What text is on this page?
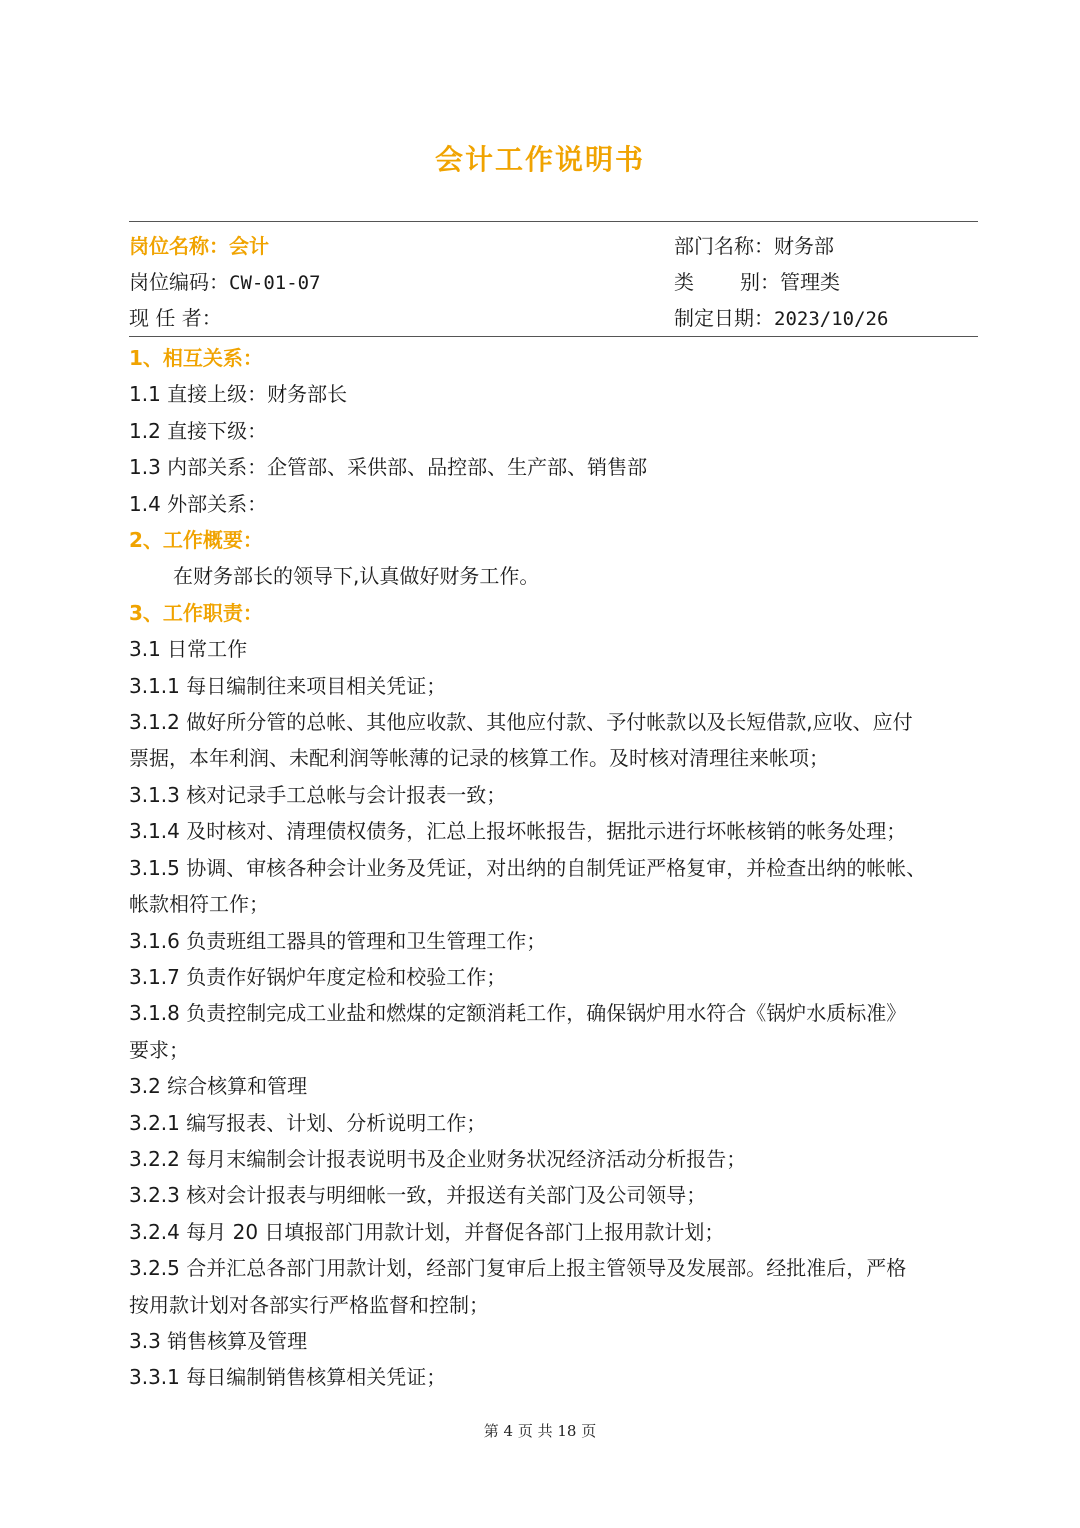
会计工作说明书
岗位名称：会计	部门名称：财务部
岗位编码：CW-01-07	类 别：管理类
现 任 者：	制定日期：2023/10/26

1、相互关系：

1.1 直接上级：财务部长

1.2 直接下级：

1.3 内部关系：企管部、采供部、品控部、生产部、销售部

1.4 外部关系：

2、工作概要：

在财务部长的领导下,认真做好财务工作。

3、工作职责：

3.1 日常工作

3.1.1 每日编制往来项目相关凭证；

3.1.2 做好所分管的总帐、其他应收款、其他应付款、予付帐款以及长短借款,应收、应付

票据，本年利润、未配利润等帐薄的记录的核算工作。及时核对清理往来帐项；

3.1.3 核对记录手工总帐与会计报表一致；

3.1.4 及时核对、清理债权债务，汇总上报坏帐报告，据批示进行坏帐核销的帐务处理；

3.1.5 协调、审核各种会计业务及凭证，对出纳的自制凭证严格复审，并检查出纳的帐帐、

帐款相符工作；

3.1.6 负责班组工器具的管理和卫生管理工作；

3.1.7 负责作好锅炉年度定检和校验工作；

3.1.8 负责控制完成工业盐和燃煤的定额消耗工作，确保锅炉用水符合《锅炉水质标准》

要求；

3.2 综合核算和管理

3.2.1 编写报表、计划、分析说明工作；

3.2.2 每月末编制会计报表说明书及企业财务状况经济活动分析报告；

3.2.3 核对会计报表与明细帐一致，并报送有关部门及公司领导；

3.2.4 每月 20 日填报部门用款计划，并督促各部门上报用款计划；

3.2.5 合并汇总各部门用款计划，经部门复审后上报主管领导及发展部。经批准后，严格

按用款计划对各部实行严格监督和控制；

3.3 销售核算及管理

3.3.1 每日编制销售核算相关凭证；

第 4 页 共 18 页
